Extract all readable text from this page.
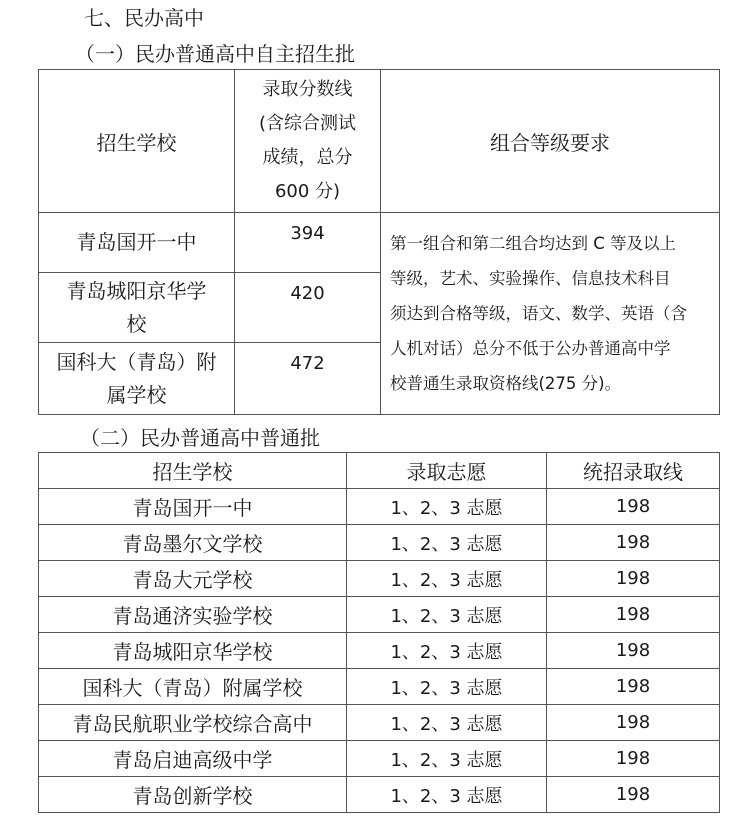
七、民办高中
（一）民办普通高中自主招生批
招生学校	录取分数线
(含综合测试
成绩，总分
600 分)	组合等级要求

青岛国开一中	394	第一组合和第二组合均达到 C 等及以上
等级，艺术、实验操作、信息技术科目
须达到合格等级，语文、数学、英语（含
人机对话）总分不低于公办普通高中学
校普通生录取资格线(275 分)。

青岛城阳京华学
校	420	

国科大（青岛）附
属学校	472	
（二）民办普通高中普通批
招生学校	录取志愿	统招录取线
青岛国开一中	1、2、3 志愿	198
青岛墨尔文学校	1、2、3 志愿	198
青岛大元学校	1、2、3 志愿	198
青岛通济实验学校	1、2、3 志愿	198
青岛城阳京华学校	1、2、3 志愿	198
国科大（青岛）附属学校	1、2、3 志愿	198
青岛民航职业学校综合高中	1、2、3 志愿	198
青岛启迪高级中学	1、2、3 志愿	198
青岛创新学校	1、2、3 志愿	198
